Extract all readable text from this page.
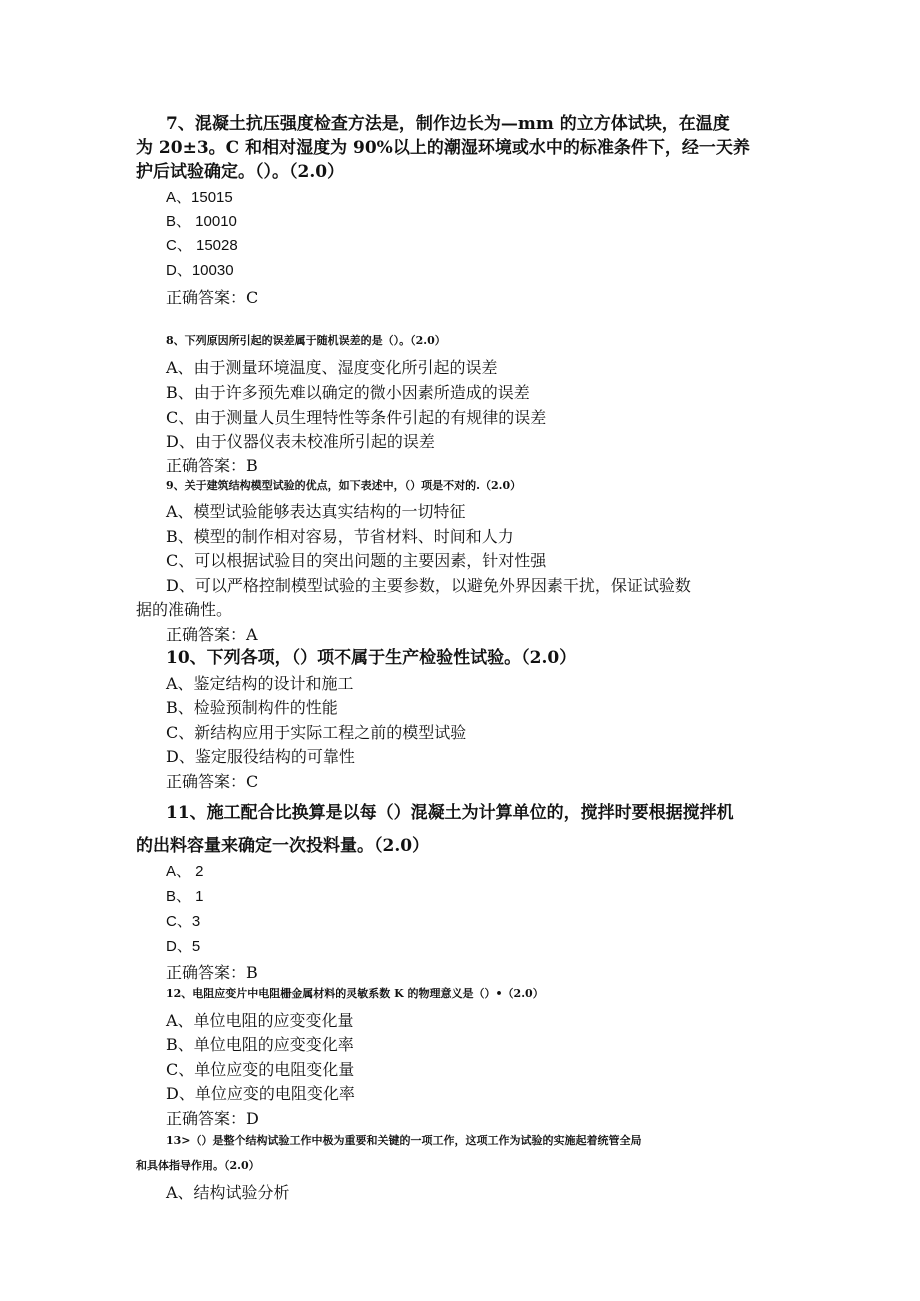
7、混凝土抗压强度检查方法是，制作边长为—mm 的立方体试块，在温度

为 20±3。C 和相对湿度为 90%以上的潮湿环境或水中的标准条件下，经一天养

护后试验确定。（）。（2.0）

A、15015

B、 10010

C、 15028

D、10030

正确答案：C

8、下列原因所引起的误差属于随机误差的是（）。（2.0）

A、由于测量环境温度、湿度变化所引起的误差

B、由于许多预先难以确定的微小因素所造成的误差

C、由于测量人员生理特性等条件引起的有规律的误差

D、由于仪器仪表未校准所引起的误差

正确答案：B

9、关于建筑结构模型试验的优点，如下表述中，（）项是不对的.（2.0）

A、模型试验能够表达真实结构的一切特征

B、模型的制作相对容易，节省材料、时间和人力

C、可以根据试验目的突出问题的主要因素，针对性强

D、可以严格控制模型试验的主要参数，以避免外界因素干扰，保证试验数

据的准确性。

正确答案：A

10、下列各项，（）项不属于生产检验性试验。（2.0）

A、鉴定结构的设计和施工

B、检验预制构件的性能

C、新结构应用于实际工程之前的模型试验

D、鉴定服役结构的可靠性

正确答案：C

11、施工配合比换算是以每（）混凝土为计算单位的，搅拌时要根据搅拌机

的出料容量来确定一次投料量。（2.0）

A、 2

B、 1

C、3

D、5

正确答案：B

12、电阻应变片中电阻栅金属材料的灵敏系数 K 的物理意义是（）•（2.0）

A、单位电阻的应变变化量

B、单位电阻的应变变化率

C、单位应变的电阻变化量

D、单位应变的电阻变化率

正确答案：D

13>（）是整个结构试验工作中极为重要和关键的一项工作，这项工作为试验的实施起着统管全局

和具体指导作用。（2.0）

A、结构试验分析
